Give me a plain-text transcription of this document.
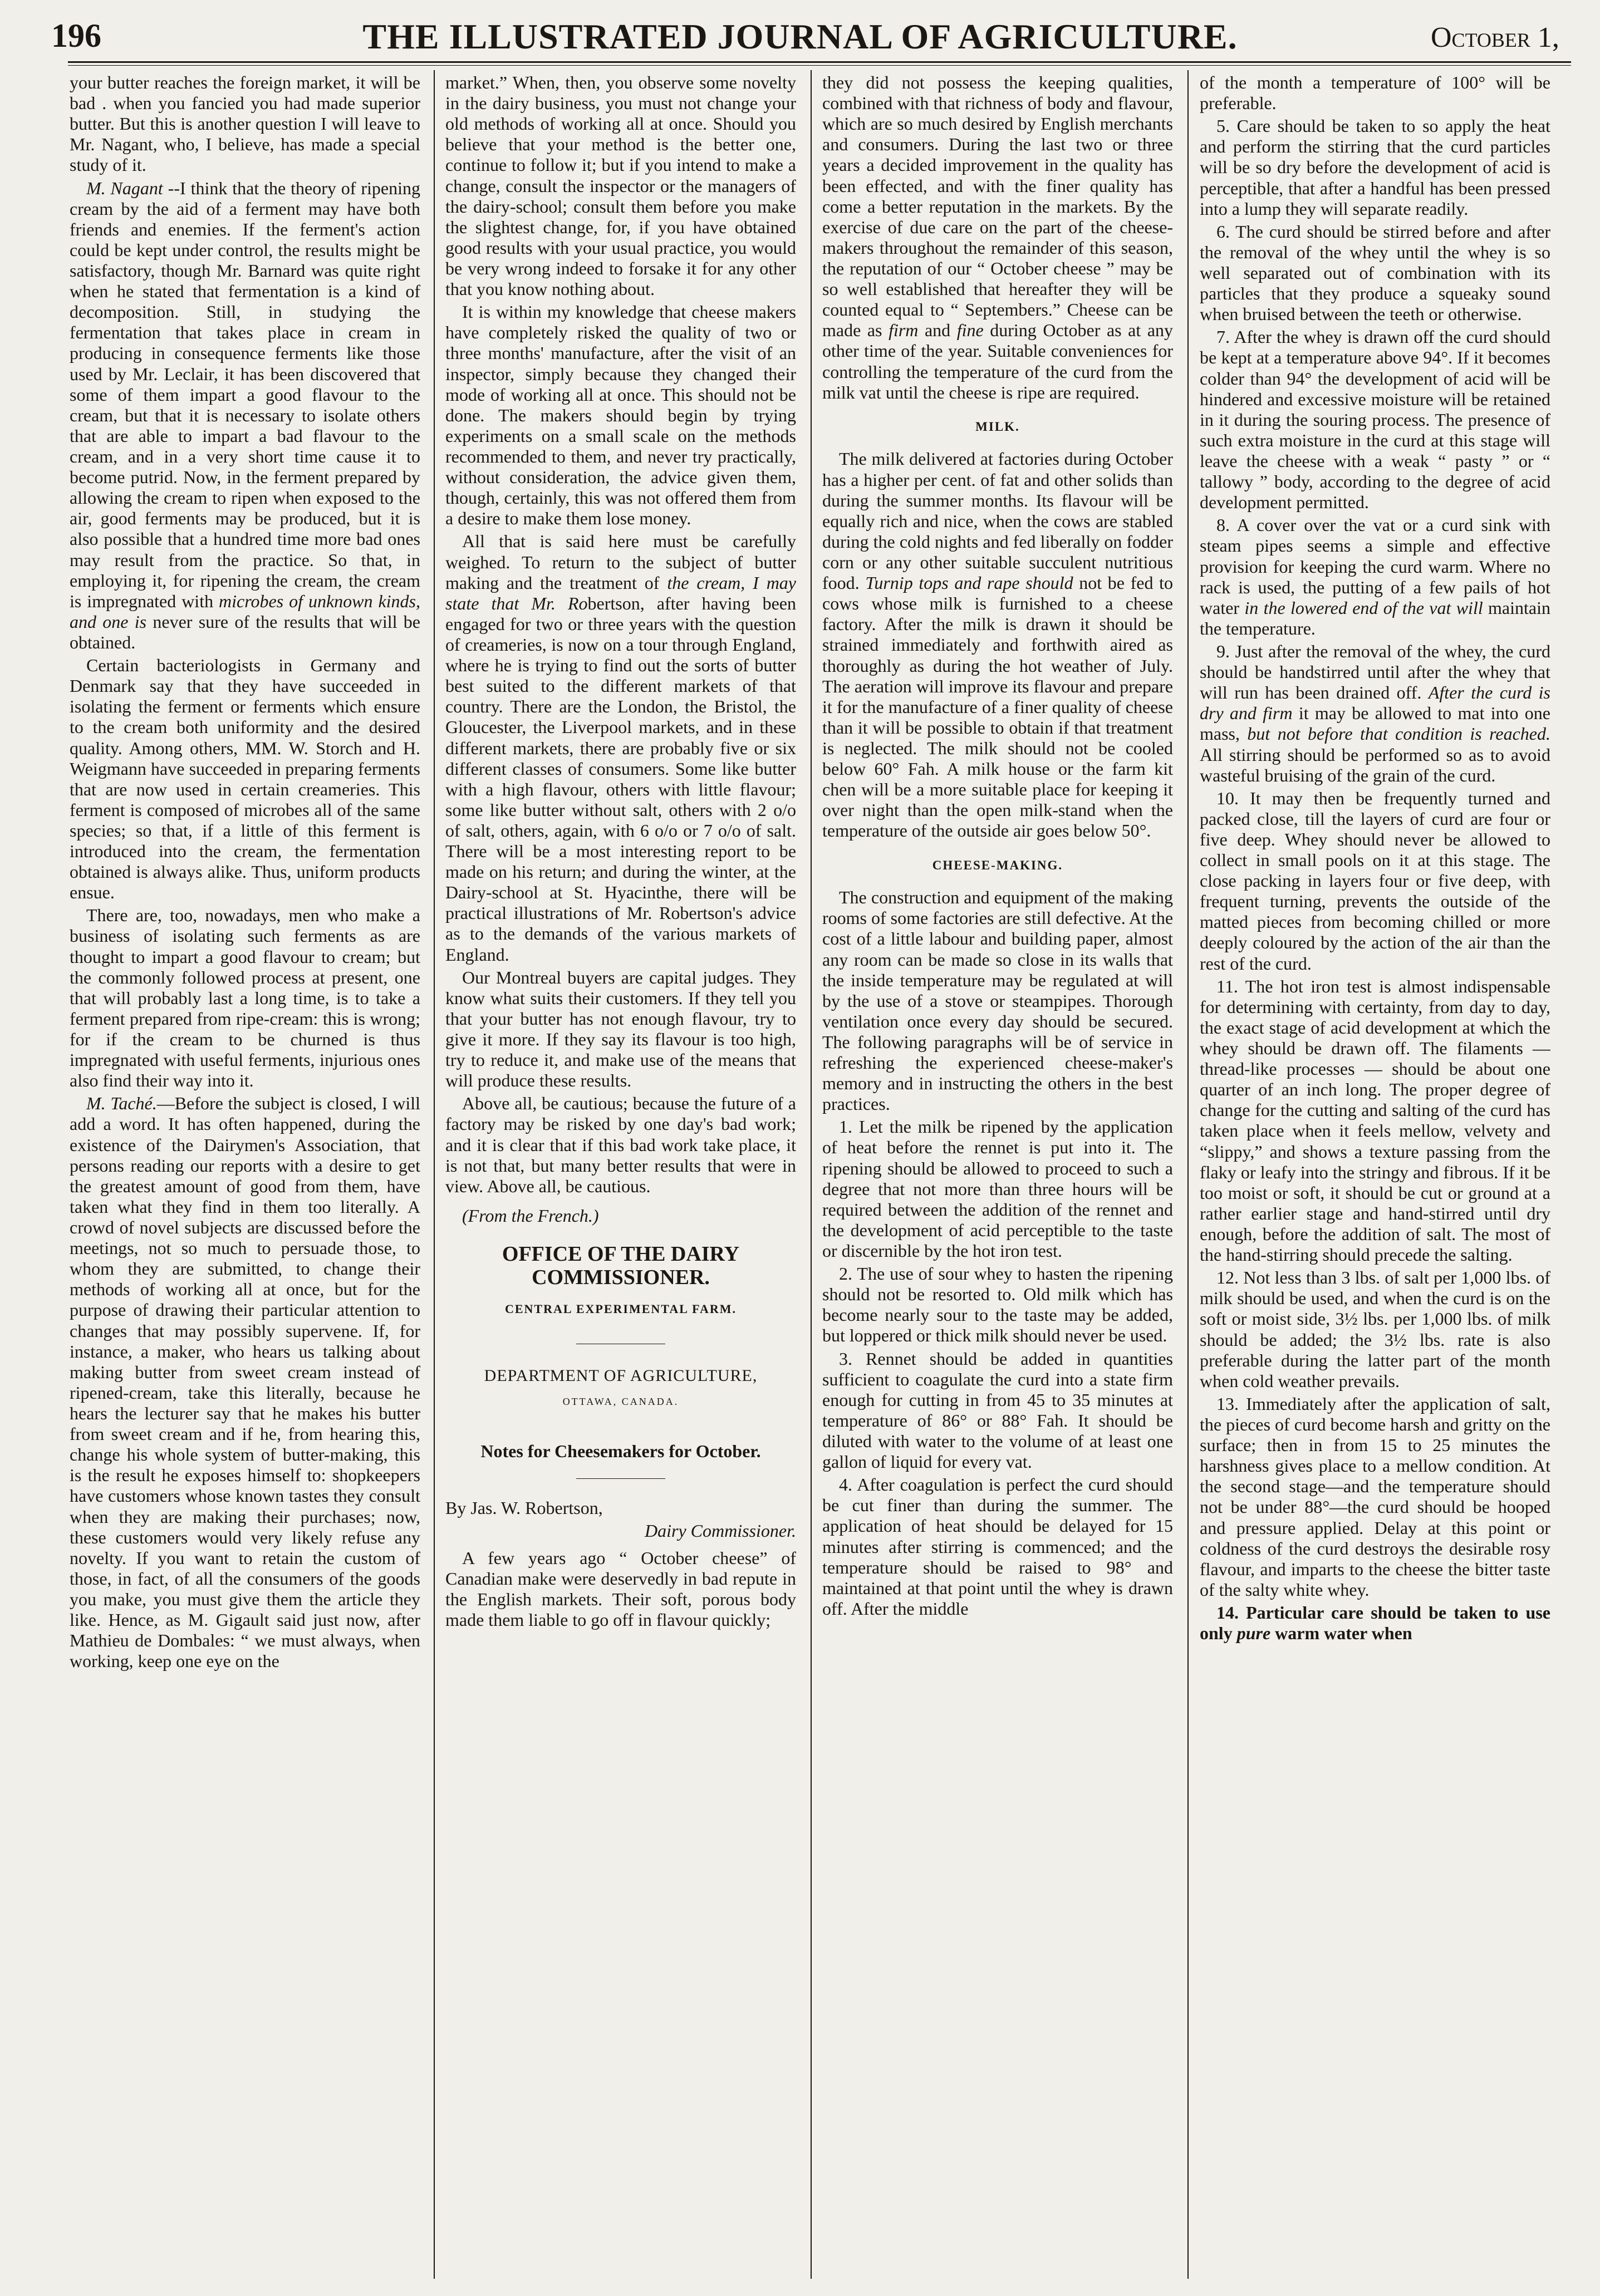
196	THE ILLUSTRATED JOURNAL OF AGRICULTURE.	October 1,

your butter reaches the foreign market, it will be bad . when you fancied you had made superior butter. But this is another question I will leave to Mr. Nagant, who, I believe, has made a special study of it.

M. Nagant --I think that the theory of ripening cream by the aid of a ferment may have both friends and enemies. If the ferment's action could be kept under control, the results might be satisfactory, though Mr. Barnard was quite right when he stated that fermentation is a kind of decomposition. Still, in studying the fermentation that takes place in cream in producing in consequence ferments like those used by Mr. Leclair, it has been discovered that some of them impart a good flavour to the cream, but that it is necessary to isolate others that are able to impart a bad flavour to the cream, and in a very short time cause it to become putrid. Now, in the ferment prepared by allowing the cream to ripen when exposed to the air, good ferments may be produced, but it is also possible that a hundred time more bad ones may result from the practice. So that, in employing it, for ripening the cream, the cream is impregnated with microbes of unknown kinds, and one is never sure of the results that will be obtained.

Certain bacteriologists in Germany and Denmark say that they have succeeded in isolating the ferment or ferments which ensure to the cream both uniformity and the desired quality. Among others, MM. W. Storch and H. Weigmann have succeeded in preparing ferments that are now used in certain creameries. This ferment is composed of microbes all of the same species; so that, if a little of this ferment is introduced into the cream, the fermentation obtained is always alike. Thus, uniform products ensue.

There are, too, nowadays, men who make a business of isolating such ferments as are thought to impart a good flavour to cream; but the commonly followed process at present, one that will probably last a long time, is to take a ferment prepared from ripe-cream: this is wrong; for if the cream to be churned is thus impregnated with useful ferments, injurious ones also find their way into it.

M. Taché.—Before the subject is closed, I will add a word. It has often happened, during the existence of the Dairymen's Association, that persons reading our reports with a desire to get the greatest amount of good from them, have taken what they find in them too literally. A crowd of novel subjects are discussed before the meetings, not so much to persuade those, to whom they are submitted, to change their methods of working all at once, but for the purpose of drawing their particular attention to changes that may possibly supervene. If, for instance, a maker, who hears us talking about making butter from sweet cream instead of ripened-cream, take this literally, because he hears the lecturer say that he makes his butter from sweet cream and if he, from hearing this, change his whole system of butter-making, this is the result he exposes himself to: shopkeepers have customers whose known tastes they consult when they are making their purchases; now, these customers would very likely refuse any novelty. If you want to retain the custom of those, in fact, of all the consumers of the goods you make, you must give them the article they like. Hence, as M. Gigault said just now, after Mathieu de Dombales: “ we must always, when working, keep one eye on the

market.” When, then, you observe some novelty in the dairy business, you must not change your old methods of working all at once. Should you believe that your method is the better one, continue to follow it; but if you intend to make a change, consult the inspector or the managers of the dairy-school; consult them before you make the slightest change, for, if you have obtained good results with your usual practice, you would be very wrong indeed to forsake it for any other that you know nothing about.

It is within my knowledge that cheese makers have completely risked the quality of two or three months' manufacture, after the visit of an inspector, simply because they changed their mode of working all at once. This should not be done. The makers should begin by trying experiments on a small scale on the methods recommended to them, and never try practically, without consideration, the advice given them, though, certainly, this was not offered them from a desire to make them lose money.

All that is said here must be carefully weighed. To return to the subject of butter making and the treatment of the cream, I may state that Mr. Robertson, after having been engaged for two or three years with the question of creameries, is now on a tour through England, where he is trying to find out the sorts of butter best suited to the different markets of that country. There are the London, the Bristol, the Gloucester, the Liverpool markets, and in these different markets, there are probably five or six different classes of consumers. Some like butter with a high flavour, others with little flavour; some like butter without salt, others with 2 o/o of salt, others, again, with 6 o/o or 7 o/o of salt. There will be a most interesting report to be made on his return; and during the winter, at the Dairy-school at St. Hyacinthe, there will be practical illustrations of Mr. Robertson's advice as to the demands of the various markets of England.

Our Montreal buyers are capital judges. They know what suits their customers. If they tell you that your butter has not enough flavour, try to give it more. If they say its flavour is too high, try to reduce it, and make use of the means that will produce these results.

Above all, be cautious; because the future of a factory may be risked by one day's bad work; and it is clear that if this bad work take place, it is not that, but many better results that were in view. Above all, be cautious.

(From the French.)

OFFICE OF THE DAIRY COMMISSIONER.
CENTRAL EXPERIMENTAL FARM.
DEPARTMENT OF AGRICULTURE,
OTTAWA, CANADA.
Notes for Cheesemakers for October.

By Jas. W. Robertson,

Dairy Commissioner.

A few years ago “ October cheese” of Canadian make were deservedly in bad repute in the English markets. Their soft, porous body made them liable to go off in flavour quickly;

they did not possess the keeping qualities, combined with that richness of body and flavour, which are so much desired by English merchants and consumers. During the last two or three years a decided improvement in the quality has been effected, and with the finer quality has come a better reputation in the markets. By the exercise of due care on the part of the cheese-makers throughout the remainder of this season, the reputation of our “ October cheese ” may be so well established that hereafter they will be counted equal to “ Septembers.” Cheese can be made as firm and fine during October as at any other time of the year. Suitable conveniences for controlling the temperature of the curd from the milk vat until the cheese is ripe are required.

MILK.

The milk delivered at factories during October has a higher per cent. of fat and other solids than during the summer months. Its flavour will be equally rich and nice, when the cows are stabled during the cold nights and fed liberally on fodder corn or any other suitable succulent nutritious food. Turnip tops and rape should not be fed to cows whose milk is furnished to a cheese factory. After the milk is drawn it should be strained immediately and forthwith aired as thoroughly as during the hot weather of July. The aeration will improve its flavour and prepare it for the manufacture of a finer quality of cheese than it will be possible to obtain if that treatment is neglected. The milk should not be cooled below 60° Fah. A milk house or the farm kit chen will be a more suitable place for keeping it over night than the open milk-stand when the temperature of the outside air goes below 50°.

CHEESE-MAKING.

The construction and equipment of the making rooms of some factories are still defective. At the cost of a little labour and building paper, almost any room can be made so close in its walls that the inside temperature may be regulated at will by the use of a stove or steampipes. Thorough ventilation once every day should be secured. The following paragraphs will be of service in refreshing the experienced cheese-maker's memory and in instructing the others in the best practices.

1. Let the milk be ripened by the application of heat before the rennet is put into it. The ripening should be allowed to proceed to such a degree that not more than three hours will be required between the addition of the rennet and the development of acid perceptible to the taste or discernible by the hot iron test.

2. The use of sour whey to hasten the ripening should not be resorted to. Old milk which has become nearly sour to the taste may be added, but loppered or thick milk should never be used.

3. Rennet should be added in quantities sufficient to coagulate the curd into a state firm enough for cutting in from 45 to 35 minutes at temperature of 86° or 88° Fah. It should be diluted with water to the volume of at least one gallon of liquid for every vat.

4. After coagulation is perfect the curd should be cut finer than during the summer. The application of heat should be delayed for 15 minutes after stirring is commenced; and the temperature should be raised to 98° and maintained at that point until the whey is drawn off. After the middle

of the month a temperature of 100° will be preferable.

5. Care should be taken to so apply the heat and perform the stirring that the curd particles will be so dry before the development of acid is perceptible, that after a handful has been pressed into a lump they will separate readily.

6. The curd should be stirred before and after the removal of the whey until the whey is so well separated out of combination with its particles that they produce a squeaky sound when bruised between the teeth or otherwise.

7. After the whey is drawn off the curd should be kept at a temperature above 94°. If it becomes colder than 94° the development of acid will be hindered and excessive moisture will be retained in it during the souring process. The presence of such extra moisture in the curd at this stage will leave the cheese with a weak “ pasty ” or “ tallowy ” body, according to the degree of acid development permitted.

8. A cover over the vat or a curd sink with steam pipes seems a simple and effective provision for keeping the curd warm. Where no rack is used, the putting of a few pails of hot water in the lowered end of the vat will maintain the temperature.

9. Just after the removal of the whey, the curd should be handstirred until after the whey that will run has been drained off. After the curd is dry and firm it may be allowed to mat into one mass, but not before that condition is reached. All stirring should be performed so as to avoid wasteful bruising of the grain of the curd.

10. It may then be frequently turned and packed close, till the layers of curd are four or five deep. Whey should never be allowed to collect in small pools on it at this stage. The close packing in layers four or five deep, with frequent turning, prevents the outside of the matted pieces from becoming chilled or more deeply coloured by the action of the air than the rest of the curd.

11. The hot iron test is almost indispensable for determining with certainty, from day to day, the exact stage of acid development at which the whey should be drawn off. The filaments — thread-like processes — should be about one quarter of an inch long. The proper degree of change for the cutting and salting of the curd has taken place when it feels mellow, velvety and “slippy,” and shows a texture passing from the flaky or leafy into the stringy and fibrous. If it be too moist or soft, it should be cut or ground at a rather earlier stage and hand-stirred until dry enough, before the addition of salt. The most of the hand-stirring should precede the salting.

12. Not less than 3 lbs. of salt per 1,000 lbs. of milk should be used, and when the curd is on the soft or moist side, 3½ lbs. per 1,000 lbs. of milk should be added; the 3½ lbs. rate is also preferable during the latter part of the month when cold weather prevails.

13. Immediately after the application of salt, the pieces of curd become harsh and gritty on the surface; then in from 15 to 25 minutes the harshness gives place to a mellow condition. At the second stage—and the temperature should not be under 88°—the curd should be hooped and pressure applied. Delay at this point or coldness of the curd destroys the desirable rosy flavour, and imparts to the cheese the bitter taste of the salty white whey.

14. Particular care should be taken to use only pure warm water when
